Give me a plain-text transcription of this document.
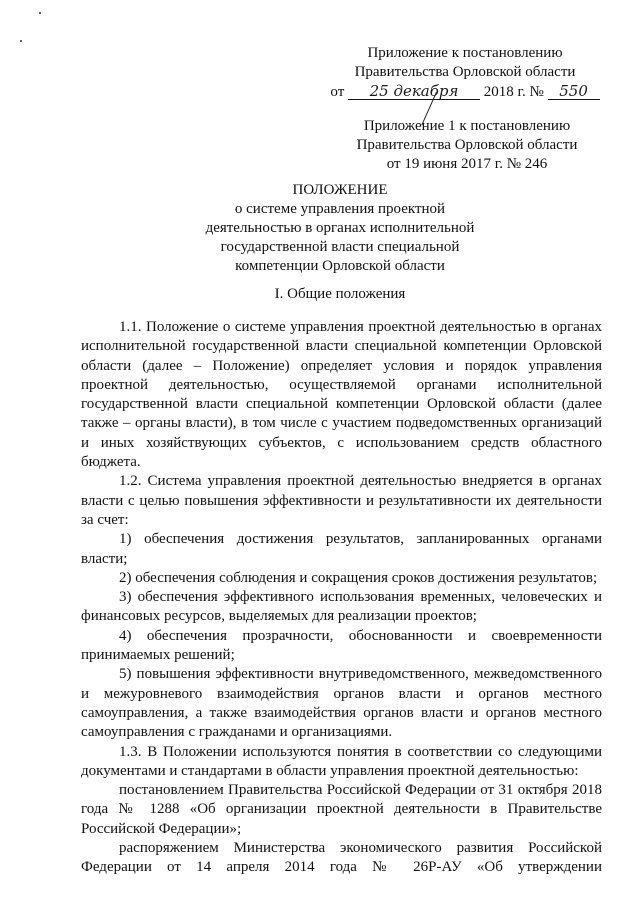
Приложение к постановлению
Правительства Орловской области
от 25 декабря 2018 г. № 550
Приложение 1 к постановлению
Правительства Орловской области
от 19 июня 2017 г. № 246
ПОЛОЖЕНИЕ
о системе управления проектной
деятельностью в органах исполнительной
государственной власти специальной
компетенции Орловской области
I. Общие положения

1.1. Положение о системе управления проектной деятельностью в органах исполнительной государственной власти специальной компетенции Орловской области (далее – Положение) определяет условия и порядок управления проектной деятельностью, осуществляемой органами исполнительной государственной власти специальной компетенции Орловской области (далее также – органы власти), в том числе с участием подведомственных организаций и иных хозяйствующих субъектов, с использованием средств областного бюджета.

1.2. Система управления проектной деятельностью внедряется в органах власти с целью повышения эффективности и результативности их деятельности за счет:

1) обеспечения достижения результатов, запланированных органами власти;

2) обеспечения соблюдения и сокращения сроков достижения результатов;

3) обеспечения эффективного использования временных, человеческих и финансовых ресурсов, выделяемых для реализации проектов;

4) обеспечения прозрачности, обоснованности и своевременности принимаемых решений;

5) повышения эффективности внутриведомственного, межведомственного и межуровневого взаимодействия органов власти и органов местного самоуправления, а также взаимодействия органов власти и органов местного самоуправления с гражданами и организациями.

1.3. В Положении используются понятия в соответствии со следующими документами и стандартами в области управления проектной деятельностью:

постановлением Правительства Российской Федерации от 31 октября 2018 года № 1288 «Об организации проектной деятельности в Правительстве Российской Федерации»;

распоряжением Министерства экономического развития Российской Федерации от 14 апреля 2014 года № 26Р-АУ «Об утверждении
